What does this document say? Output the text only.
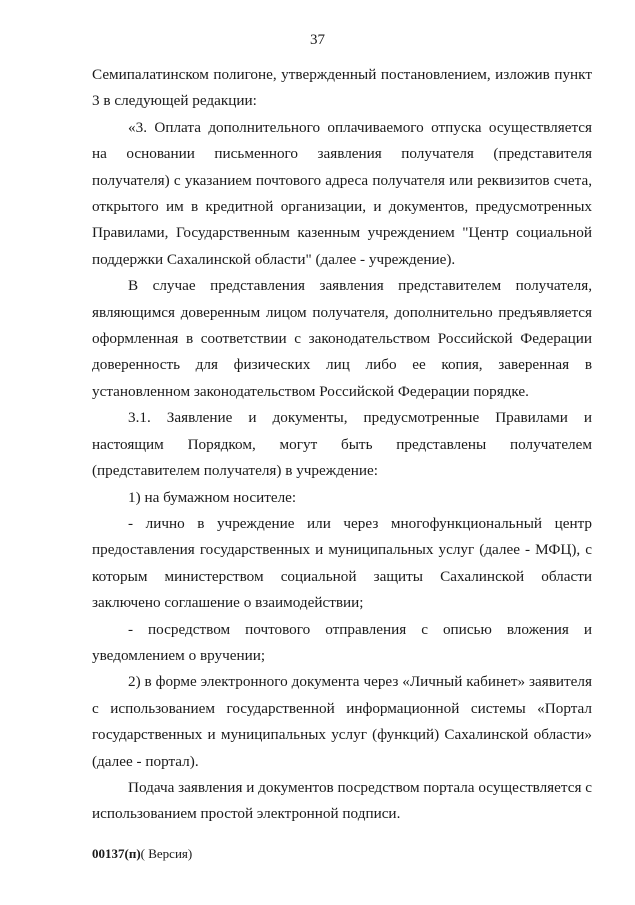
37

Семипалатинском полигоне, утвержденный постановлением, изложив пункт 3 в следующей редакции:

«3. Оплата дополнительного оплачиваемого отпуска осуществляется на основании письменного заявления получателя (представителя получателя) с указанием почтового адреса получателя или реквизитов счета, открытого им в кредитной организации, и документов, предусмотренных Правилами, Государственным казенным учреждением "Центр социальной поддержки Сахалинской области" (далее - учреждение).

В случае представления заявления представителем получателя, являющимся доверенным лицом получателя, дополнительно предъявляется оформленная в соответствии с законодательством Российской Федерации доверенность для физических лиц либо ее копия, заверенная в установленном законодательством Российской Федерации порядке.

3.1. Заявление и документы, предусмотренные Правилами и настоящим Порядком, могут быть представлены получателем (представителем получателя) в учреждение:

1) на бумажном носителе:

- лично в учреждение или через многофункциональный центр предоставления государственных и муниципальных услуг (далее - МФЦ), с которым министерством социальной защиты Сахалинской области заключено соглашение о взаимодействии;

- посредством почтового отправления с описью вложения и уведомлением о вручении;

2) в форме электронного документа через «Личный кабинет» заявителя с использованием государственной информационной системы «Портал государственных и муниципальных услуг (функций) Сахалинской области» (далее - портал).

Подача заявления и документов посредством портала осуществляется с использованием простой электронной подписи.

00137(п)( Версия)
